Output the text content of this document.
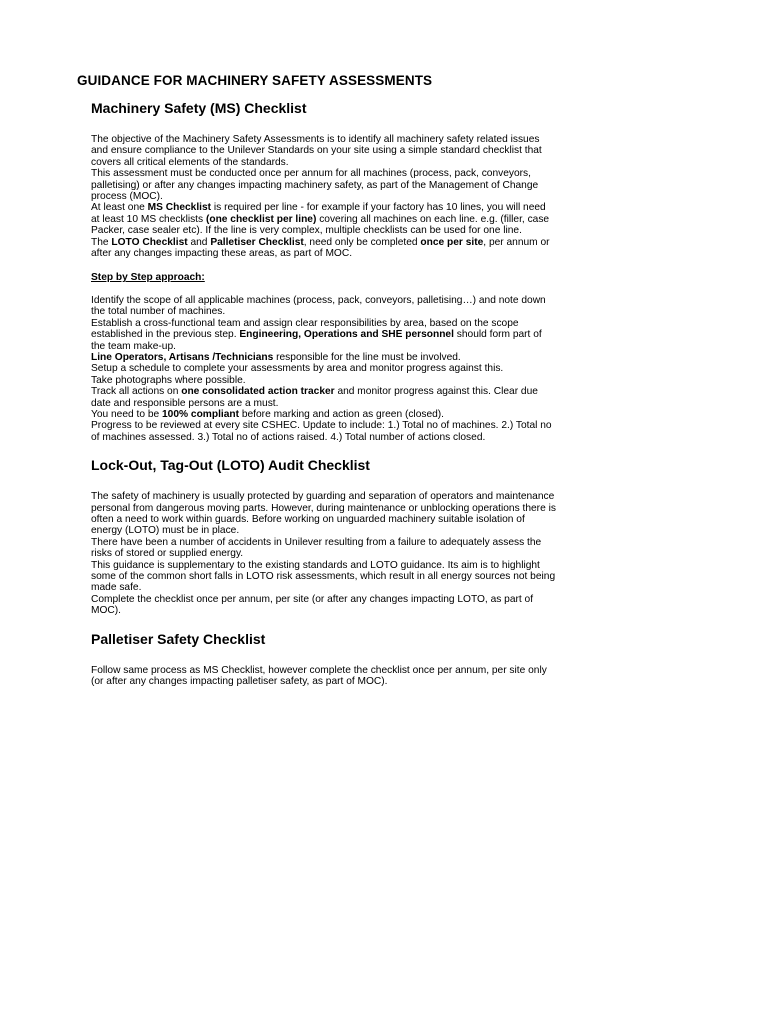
GUIDANCE FOR MACHINERY SAFETY ASSESSMENTS
Machinery Safety (MS) Checklist

The objective of the Machinery Safety Assessments is to identify all machinery safety related issues and ensure compliance to the Unilever Standards on your site using a simple standard checklist that covers all critical elements of the standards.

This assessment must be conducted once per annum for all machines (process, pack, conveyors, palletising) or after any changes impacting machinery safety, as part of the Management of Change process (MOC).

At least one MS Checklist is required per line - for example if your factory has 10 lines, you will need at least 10 MS checklists (one checklist per line) covering all machines on each line. e.g. (filler, case Packer, case sealer etc). If the line is very complex, multiple checklists can be used for one line.

The LOTO Checklist and Palletiser Checklist, need only be completed once per site, per annum or after any changes impacting these areas, as part of MOC.

Step by Step approach:

Identify the scope of all applicable machines (process, pack, conveyors, palletising…) and note down the total number of machines.

Establish a cross-functional team and assign clear responsibilities by area, based on the scope established in the previous step. Engineering, Operations and SHE personnel should form part of the team make-up.

Line Operators, Artisans /Technicians responsible for the line must be involved.

Setup a schedule to complete your assessments by area and monitor progress against this.

Take photographs where possible.

Track all actions on one consolidated action tracker and monitor progress against this. Clear due date and responsible persons are a must.

You need to be 100% compliant before marking and action as green (closed).

Progress to be reviewed at every site CSHEC. Update to include: 1.) Total no of machines. 2.) Total no of machines assessed. 3.) Total no of actions raised. 4.) Total number of actions closed.

Lock-Out, Tag-Out (LOTO) Audit Checklist

The safety of machinery is usually protected by guarding and separation of operators and maintenance personal from dangerous moving parts. However, during maintenance or unblocking operations there is often a need to work within guards. Before working on unguarded machinery suitable isolation of energy (LOTO) must be in place.

There have been a number of accidents in Unilever resulting from a failure to adequately assess the risks of stored or supplied energy.

This guidance is supplementary to the existing standards and LOTO guidance. Its aim is to highlight some of the common short falls in LOTO risk assessments, which result in all energy sources not being made safe.

Complete the checklist once per annum, per site (or after any changes impacting LOTO, as part of MOC).

Palletiser Safety Checklist

Follow same process as MS Checklist, however complete the checklist once per annum, per site only (or after any changes impacting palletiser safety, as part of MOC).
